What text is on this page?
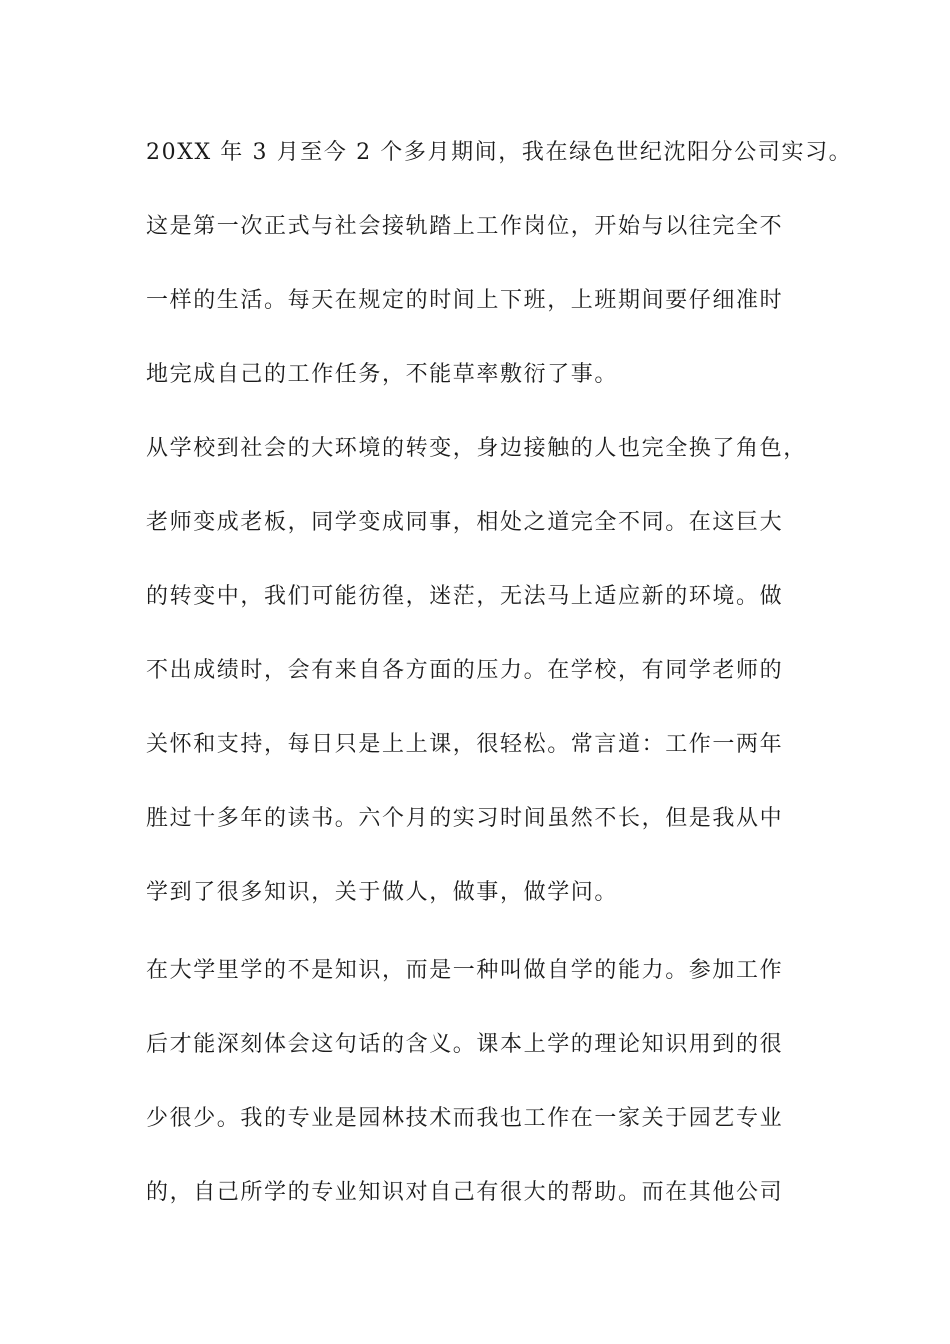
20XX 年 3 月至今 2 个多月期间，我在绿色世纪沈阳分公司实习。
这是第一次正式与社会接轨踏上工作岗位，开始与以往完全不
一样的生活。每天在规定的时间上下班，上班期间要仔细准时
地完成自己的工作任务，不能草率敷衍了事。
从学校到社会的大环境的转变，身边接触的人也完全换了角色，
老师变成老板，同学变成同事，相处之道完全不同。在这巨大
的转变中，我们可能彷徨，迷茫，无法马上适应新的环境。做
不出成绩时，会有来自各方面的压力。在学校，有同学老师的
关怀和支持，每日只是上上课，很轻松。常言道：工作一两年
胜过十多年的读书。六个月的实习时间虽然不长，但是我从中
学到了很多知识，关于做人，做事，做学问。
在大学里学的不是知识，而是一种叫做自学的能力。参加工作
后才能深刻体会这句话的含义。课本上学的理论知识用到的很
少很少。我的专业是园林技术而我也工作在一家关于园艺专业
的，自己所学的专业知识对自己有很大的帮助。而在其他公司
